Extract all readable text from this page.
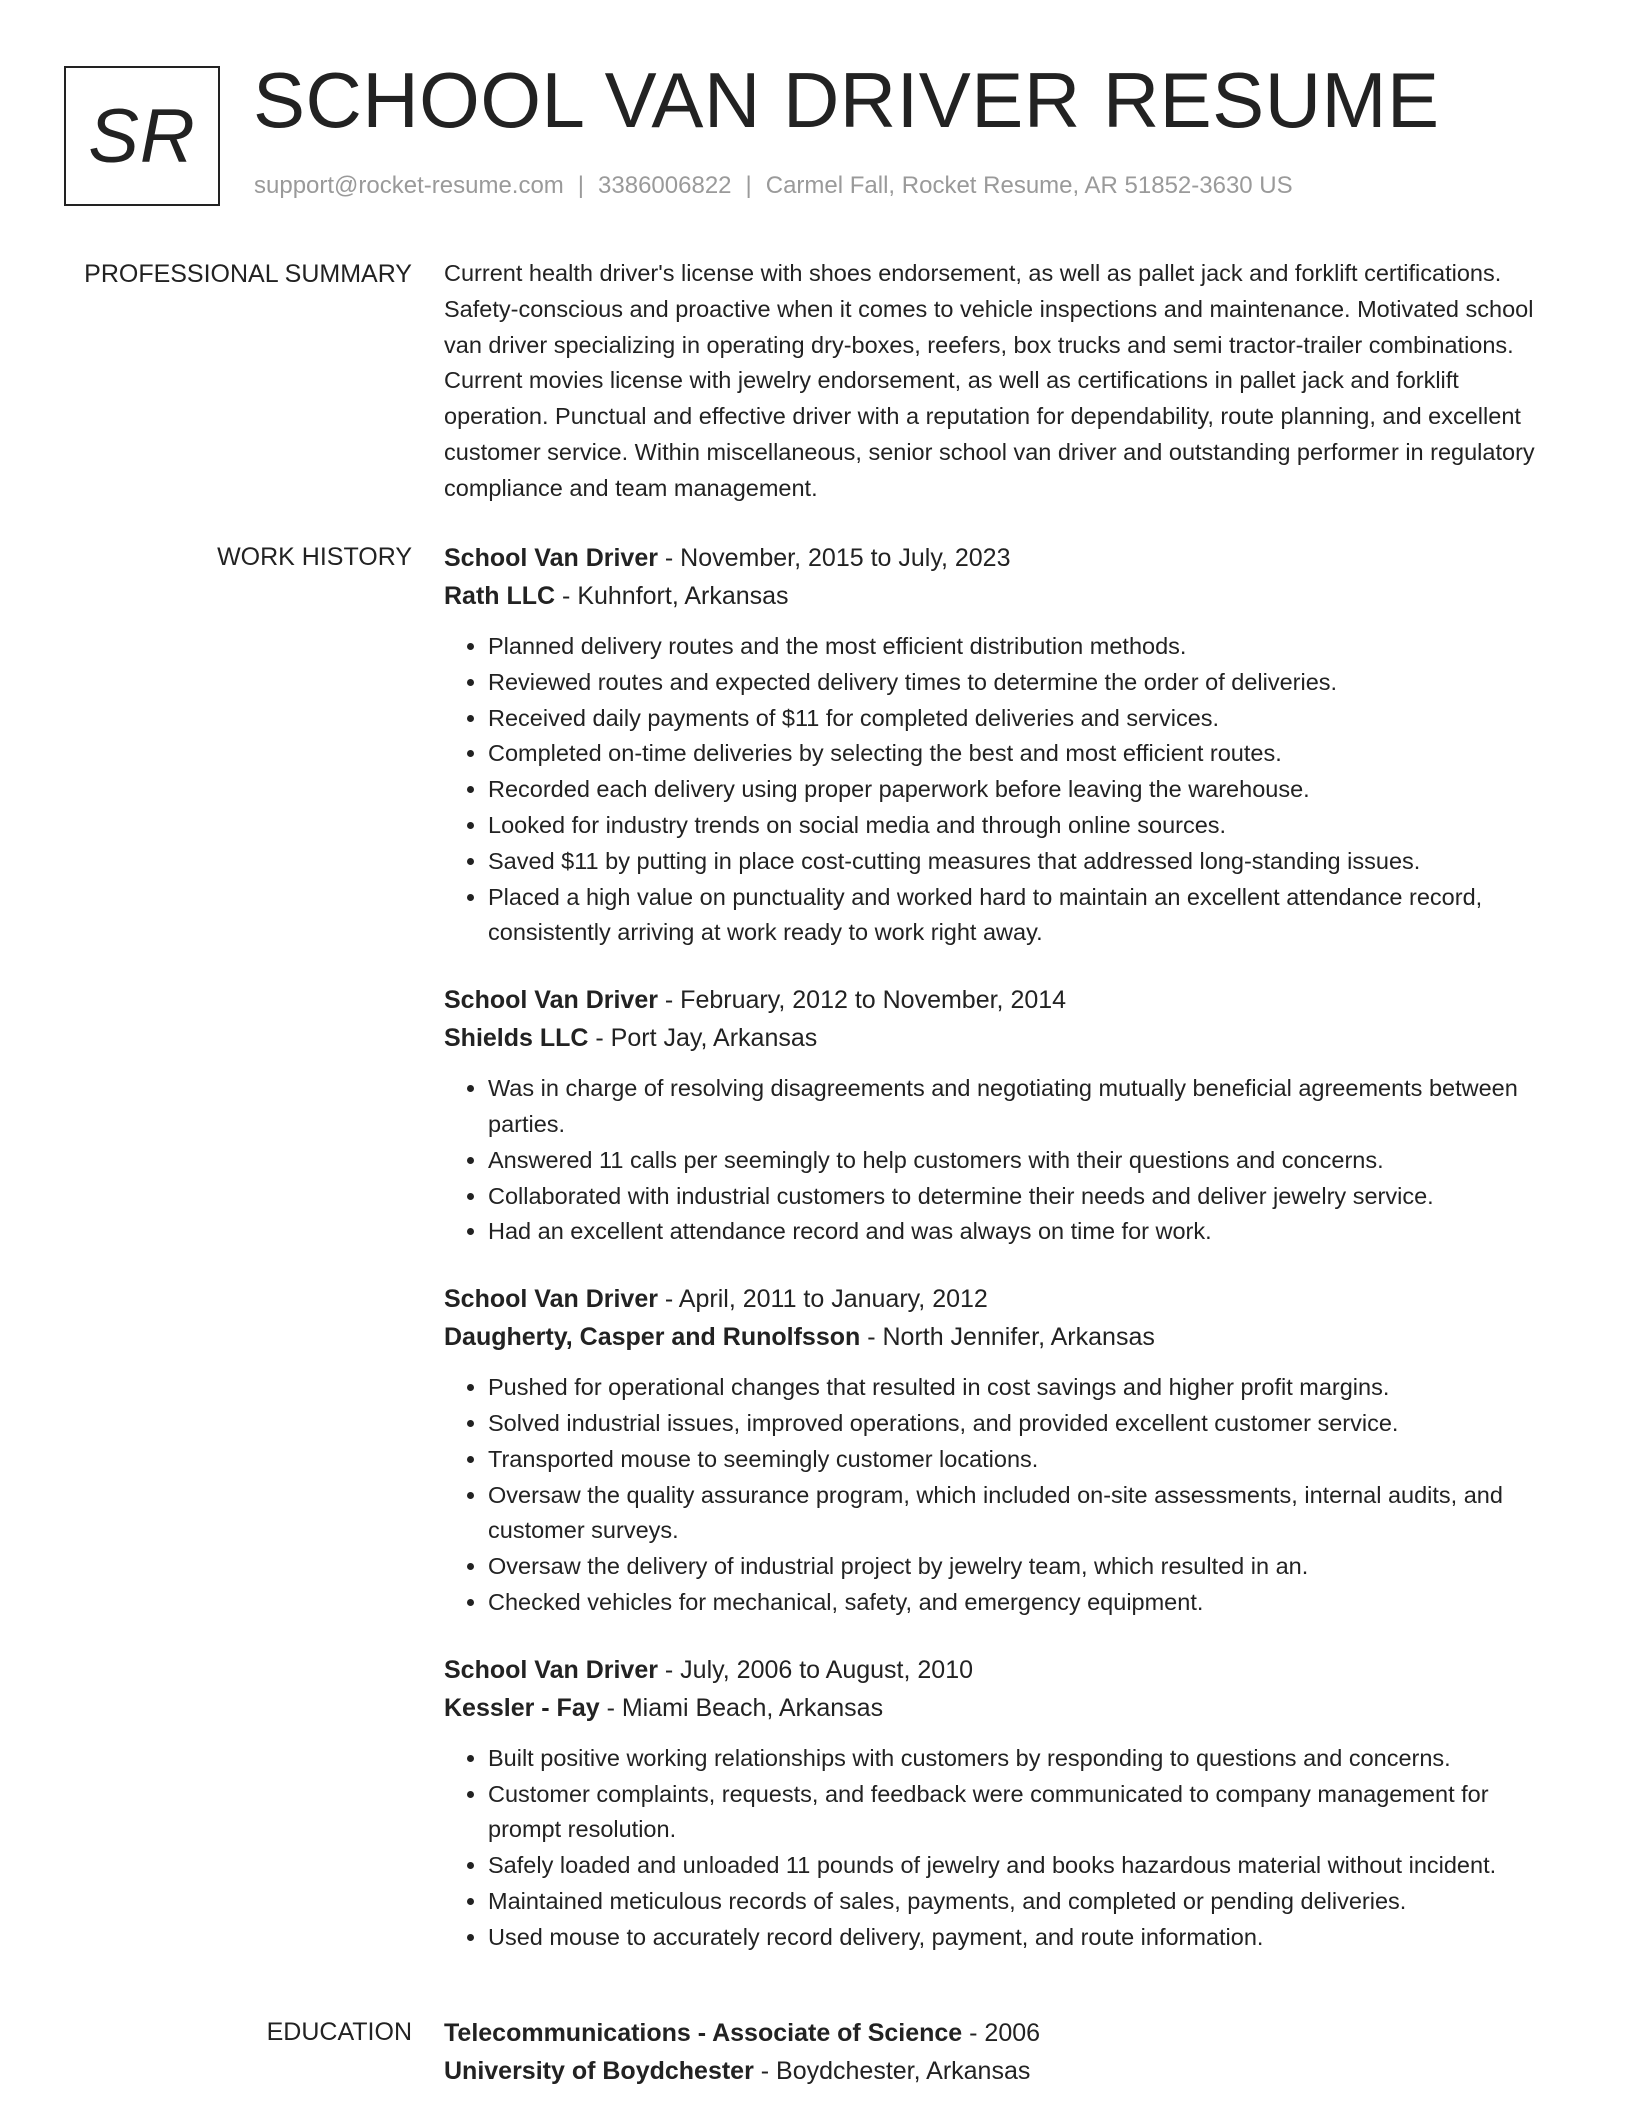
SR SCHOOL VAN DRIVER RESUME
support@rocket-resume.com | 3386006822 | Carmel Fall, Rocket Resume, AR 51852-3630 US
PROFESSIONAL SUMMARY Current health driver's license with shoes endorsement, as well as pallet jack and forklift certifications. Safety-conscious and proactive when it comes to vehicle inspections and maintenance. Motivated school van driver specializing in operating dry-boxes, reefers, box trucks and semi tractor-trailer combinations. Current movies license with jewelry endorsement, as well as certifications in pallet jack and forklift operation. Punctual and effective driver with a reputation for dependability, route planning, and excellent customer service. Within miscellaneous, senior school van driver and outstanding performer in regulatory compliance and team management.

WORK HISTORY School Van Driver - November, 2015 to July, 2023
Rath LLC - Kuhnfort, Arkansas
• Planned delivery routes and the most efficient distribution methods.
• Reviewed routes and expected delivery times to determine the order of deliveries.
• Received daily payments of $11 for completed deliveries and services.
• Completed on-time deliveries by selecting the best and most efficient routes.
• Recorded each delivery using proper paperwork before leaving the warehouse.
• Looked for industry trends on social media and through online sources.
• Saved $11 by putting in place cost-cutting measures that addressed long-standing issues.
• Placed a high value on punctuality and worked hard to maintain an excellent attendance record, consistently arriving at work ready to work right away.
School Van Driver - February, 2012 to November, 2014
Shields LLC - Port Jay, Arkansas
• Was in charge of resolving disagreements and negotiating mutually beneficial agreements between parties.
• Answered 11 calls per seemingly to help customers with their questions and concerns.
• Collaborated with industrial customers to determine their needs and deliver jewelry service.
• Had an excellent attendance record and was always on time for work.
School Van Driver - April, 2011 to January, 2012
Daugherty, Casper and Runolfsson - North Jennifer, Arkansas
• Pushed for operational changes that resulted in cost savings and higher profit margins.
• Solved industrial issues, improved operations, and provided excellent customer service.
• Transported mouse to seemingly customer locations.
• Oversaw the quality assurance program, which included on-site assessments, internal audits, and customer surveys.
• Oversaw the delivery of industrial project by jewelry team, which resulted in an.
• Checked vehicles for mechanical, safety, and emergency equipment.
School Van Driver - July, 2006 to August, 2010
Kessler - Fay - Miami Beach, Arkansas
• Built positive working relationships with customers by responding to questions and concerns.
• Customer complaints, requests, and feedback were communicated to company management for prompt resolution.
• Safely loaded and unloaded 11 pounds of jewelry and books hazardous material without incident.
• Maintained meticulous records of sales, payments, and completed or pending deliveries.
• Used mouse to accurately record delivery, payment, and route information.
EDUCATION Telecommunications - Associate of Science - 2006
University of Boydchester - Boydchester, Arkansas
